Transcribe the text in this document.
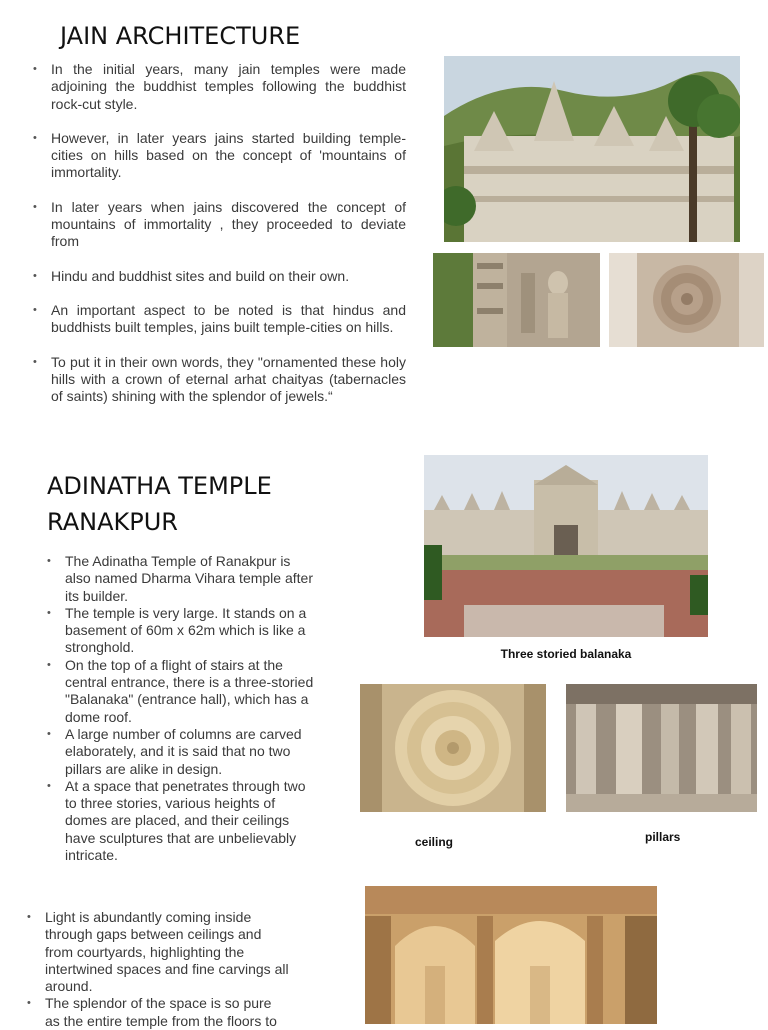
JAIN ARCHITECTURE
• In the initial years, many jain temples were made adjoining the buddhist temples following the buddhist rock-cut style.
• However, in later years jains started building temple-cities on hills based on the concept of 'mountains of immortality.
• In later years when jains discovered the concept of mountains of immortality , they proceeded to deviate from
• Hindu and buddhist sites and build on their own.
• An important aspect to be noted is that hindus and buddhists built temples, jains built temple-cities on hills.
• To put it in their own words, they "ornamented these holy hills with a crown of eternal arhat chaityas (tabernacles of saints) shining with the splendor of jewels.“
ADINATHA TEMPLE
RANAKPUR
• The Adinatha Temple of Ranakpur is also named Dharma Vihara temple after its builder.
• The temple is very large. It stands on a basement of 60m x 62m which is like a stronghold.
• On the top of a flight of stairs at the central entrance, there is a three-storied "Balanaka" (entrance hall), which has a dome roof.
• A large number of columns are carved elaborately, and it is said that no two pillars are alike in design.
• At a space that penetrates through two to three stories, various heights of domes are placed, and their ceilings have sculptures that are unbelievably intricate.
Three storied balanaka
ceiling	pillars
• Light is abundantly coming inside through gaps between ceilings and from courtyards, highlighting the intertwined spaces and fine carvings all around.
• The splendor of the space is so pure as the entire temple from the floors to
